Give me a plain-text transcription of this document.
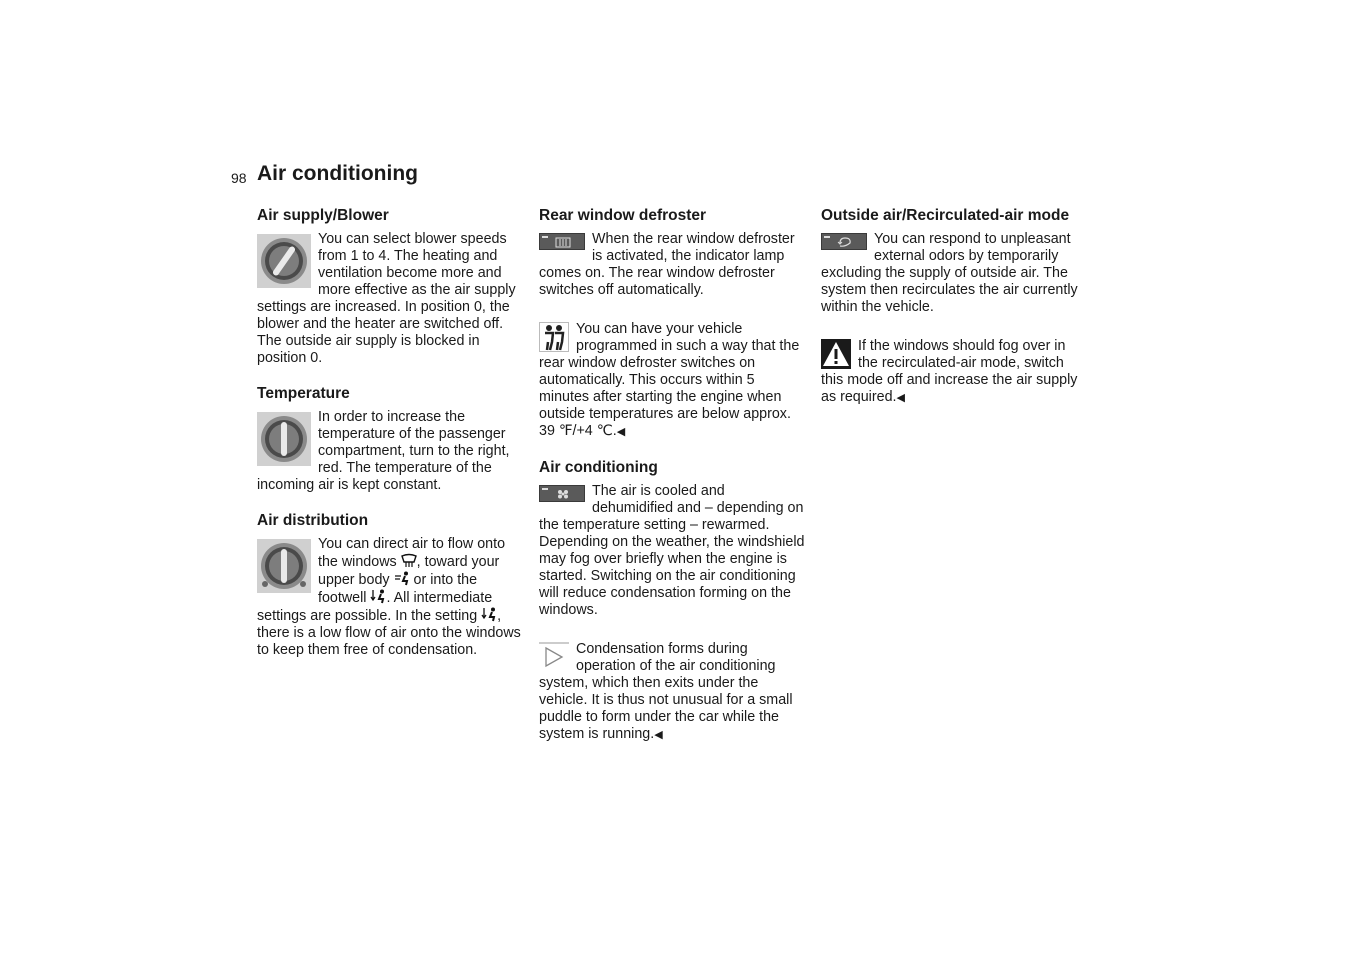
98 Air conditioning
Air supply/Blower

You can select blower speeds from 1 to 4. The heating and ventilation become more and more effective as the air supply settings are increased. In position 0, the blower and the heater are switched off. The outside air supply is blocked in position 0.

Temperature

In order to increase the temperature of the passenger compartment, turn to the right, red. The temperature of the incoming air is kept constant.

Air distribution

You can direct air to flow onto the windows , toward your upper body  or into the footwell . All intermediate settings are possible. In the setting , there is a low flow of air onto the windows to keep them free of condensation.

Rear window defroster

When the rear window defroster is activated, the indicator lamp comes on. The rear window defroster switches off automatically.

You can have your vehicle programmed in such a way that the rear window defroster switches on automatically. This occurs within 5 minutes after starting the engine when outside temperatures are below approx. 39 ℉/+4 ℃.◀

Air conditioning

The air is cooled and dehumidified and – depending on the temperature setting – rewarmed.

Depending on the weather, the windshield may fog over briefly when the engine is started. Switching on the air conditioning will reduce condensation forming on the windows.

Condensation forms during operation of the air conditioning system, which then exits under the vehicle. It is thus not unusual for a small puddle to form under the car while the system is running.◀

Outside air/Recirculated-air mode

You can respond to unpleasant external odors by temporarily excluding the supply of outside air. The system then recirculates the air currently within the vehicle.

If the windows should fog over in the recirculated-air mode, switch this mode off and increase the air supply as required.◀
